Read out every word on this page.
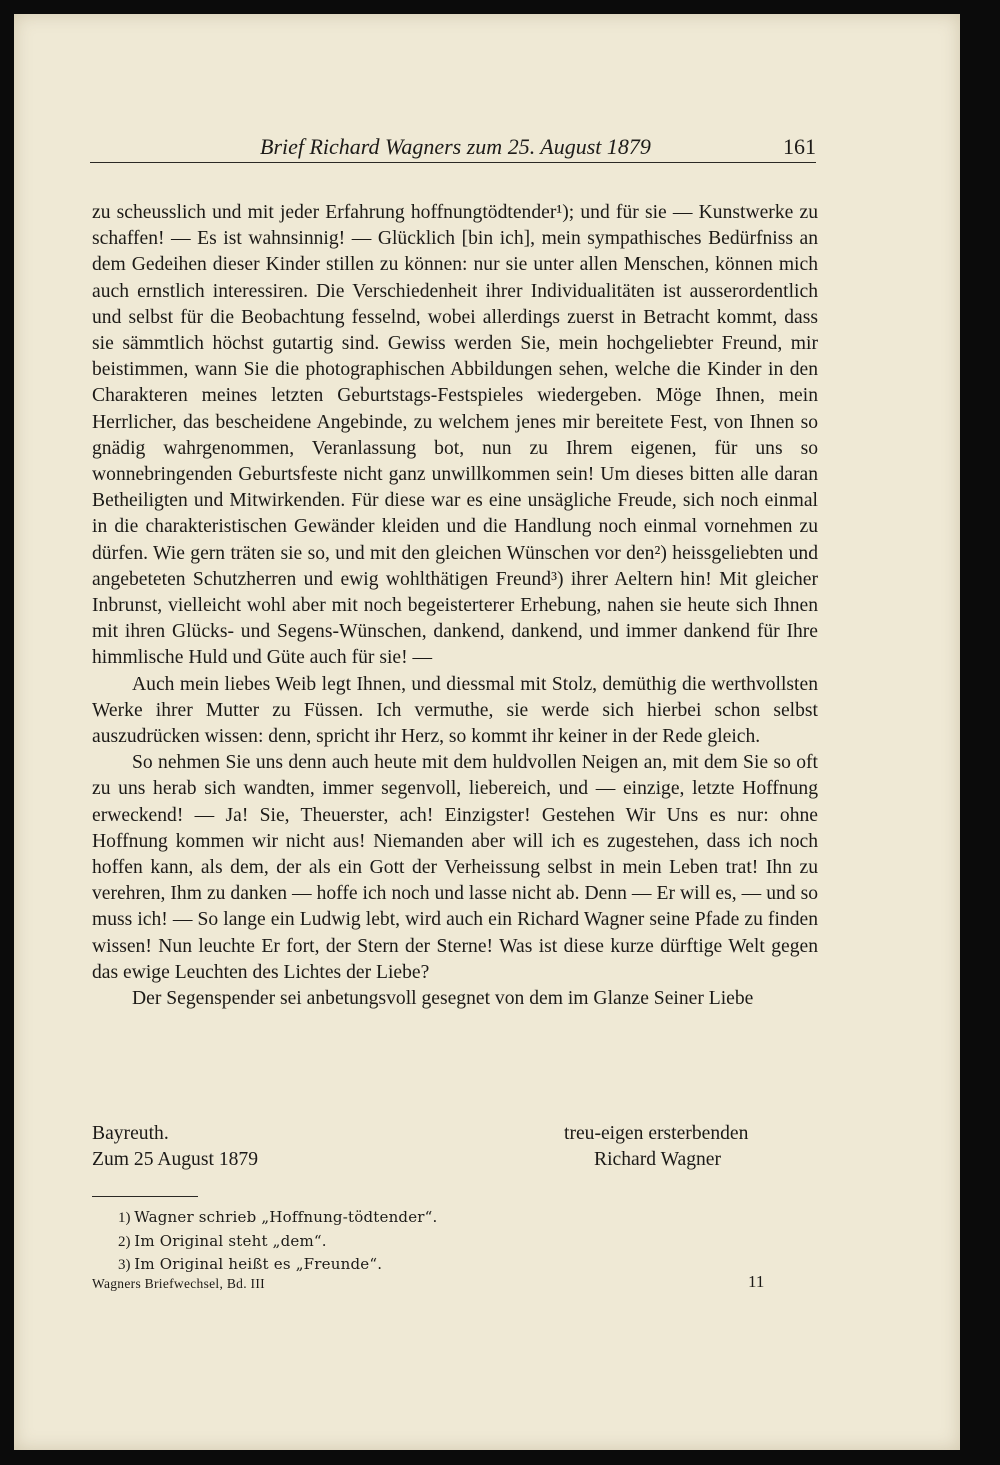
Brief Richard Wagners zum 25. August 1879	161

zu scheusslich und mit jeder Erfahrung hoffnungtödtender¹); und für sie — Kunstwerke zu schaffen! — Es ist wahnsinnig! — Glücklich [bin ich], mein sympathisches Bedürfniss an dem Gedeihen dieser Kinder stillen zu können: nur sie unter allen Menschen, können mich auch ernstlich interessiren. Die Verschiedenheit ihrer Individualitäten ist ausserordentlich und selbst für die Beobachtung fesselnd, wobei allerdings zuerst in Betracht kommt, dass sie sämmtlich höchst gutartig sind. Gewiss werden Sie, mein hochgeliebter Freund, mir beistimmen, wann Sie die photographischen Abbildungen sehen, welche die Kinder in den Charakteren meines letzten Geburtstags-Festspieles wiedergeben. Möge Ihnen, mein Herrlicher, das bescheidene Angebinde, zu welchem jenes mir bereitete Fest, von Ihnen so gnädig wahrgenommen, Veranlassung bot, nun zu Ihrem eigenen, für uns so wonnebringenden Geburtsfeste nicht ganz unwillkommen sein! Um dieses bitten alle daran Betheiligten und Mitwirkenden. Für diese war es eine unsägliche Freude, sich noch einmal in die charakteristischen Gewänder kleiden und die Handlung noch einmal vornehmen zu dürfen. Wie gern träten sie so, und mit den gleichen Wünschen vor den²) heissgeliebten und angebeteten Schutzherren und ewig wohlthätigen Freund³) ihrer Aeltern hin! Mit gleicher Inbrunst, vielleicht wohl aber mit noch begeisterterer Erhebung, nahen sie heute sich Ihnen mit ihren Glücks- und Segens-Wünschen, dankend, dankend, und immer dankend für Ihre himmlische Huld und Güte auch für sie! —

Auch mein liebes Weib legt Ihnen, und diessmal mit Stolz, demüthig die werthvollsten Werke ihrer Mutter zu Füssen. Ich vermuthe, sie werde sich hierbei schon selbst auszudrücken wissen: denn, spricht ihr Herz, so kommt ihr keiner in der Rede gleich.

So nehmen Sie uns denn auch heute mit dem huldvollen Neigen an, mit dem Sie so oft zu uns herab sich wandten, immer segenvoll, liebereich, und — einzige, letzte Hoffnung erweckend! — Ja! Sie, Theuerster, ach! Einzigster! Gestehen Wir Uns es nur: ohne Hoffnung kommen wir nicht aus! Niemanden aber will ich es zugestehen, dass ich noch hoffen kann, als dem, der als ein Gott der Verheissung selbst in mein Leben trat! Ihn zu verehren, Ihm zu danken — hoffe ich noch und lasse nicht ab. Denn — Er will es, — und so muss ich! — So lange ein Ludwig lebt, wird auch ein Richard Wagner seine Pfade zu finden wissen! Nun leuchte Er fort, der Stern der Sterne! Was ist diese kurze dürftige Welt gegen das ewige Leuchten des Lichtes der Liebe?

Der Segenspender sei anbetungsvoll gesegnet von dem im Glanze Seiner Liebe

Bayreuth.
Zum 25 August 1879
treu-eigen ersterbenden
Richard Wagner
1) Wagner schrieb „Hoffnung-tödtender“.
2) Im Original steht „dem“.
3) Im Original heißt es „Freunde“.
Wagners Briefwechsel, Bd. III	11
